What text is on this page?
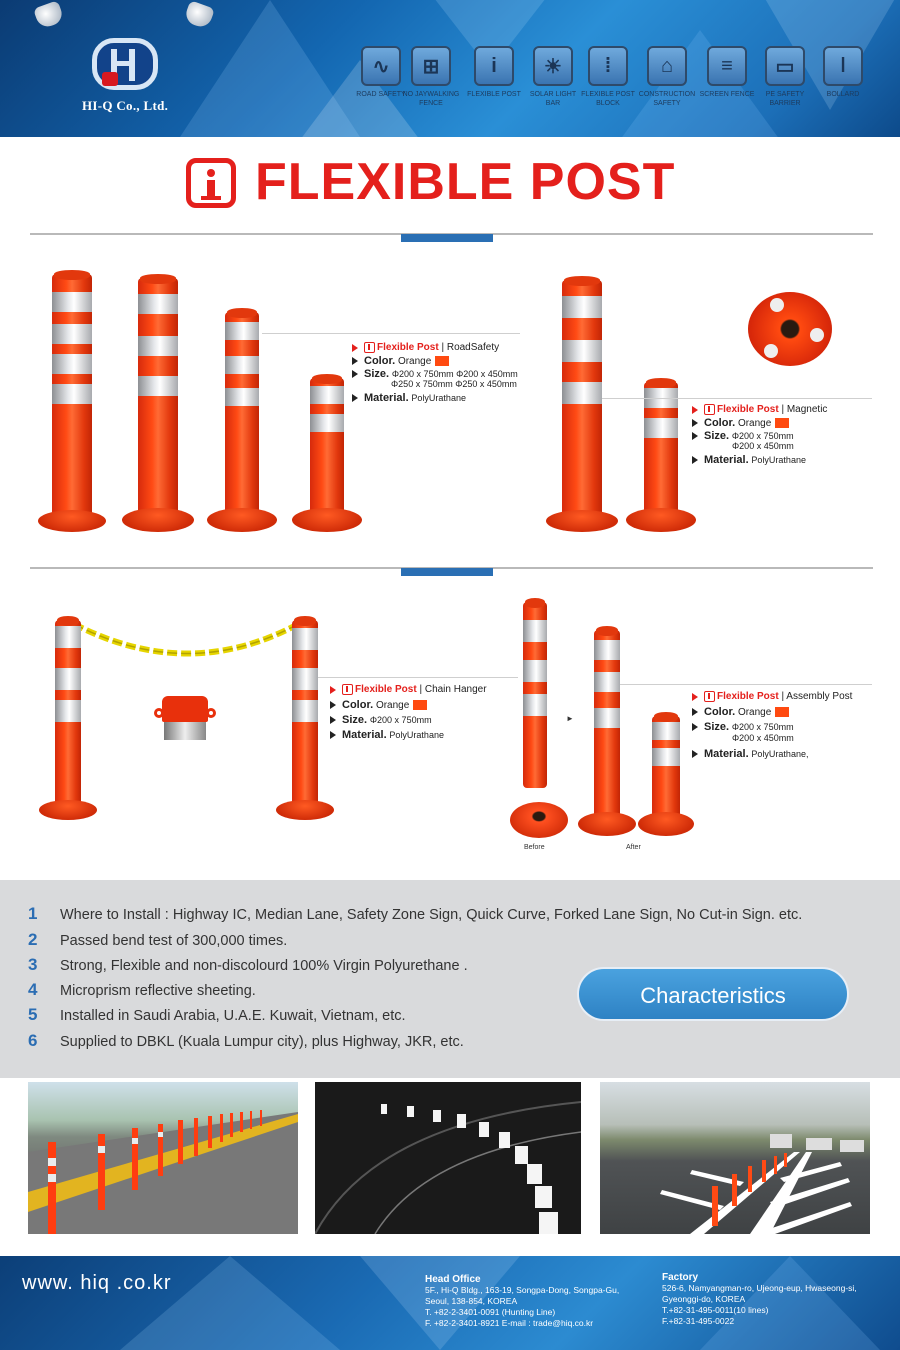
HI-Q Co., Ltd.
∿
ROAD SAFETY
⊞
NO JAYWALKING FENCE
i
FLEXIBLE POST
☀
SOLAR LIGHT BAR
⁞
FLEXIBLE POST BLOCK
⌂
CONSTRUCTION SAFETY
≡
SCREEN FENCE
▭
PE SAFETY BARRIER
ǀ
BOLLARD
FLEXIBLE POST
Flexible Post | RoadSafety
Color. Orange
Size. Φ200 x 750mm Φ200 x 450mm
Φ250 x 750mm Φ250 x 450mm
Material. PolyUrathane
Flexible Post | Magnetic
Color. Orange
Size. Φ200 x 750mm
Φ200 x 450mm
Material. PolyUrathane
Flexible Post | Chain Hanger
Color. Orange
Size. Φ200 x 750mm
Material. PolyUrathane
►
Before	After
Flexible Post | Assembly Post
Color. Orange
Size. Φ200 x 750mm
Φ200 x 450mm
Material. PolyUrathane,
1 Where to Install : Highway IC, Median Lane, Safety Zone Sign, Quick Curve, Forked Lane Sign, No Cut-in Sign. etc.
2 Passed bend test of 300,000 times.
3 Strong, Flexible and non-discolourd 100% Virgin Polyurethane .
4 Microprism reflective sheeting.
5 Installed in Saudi Arabia, U.A.E. Kuwait, Vietnam, etc.
6 Supplied to DBKL (Kuala Lumpur city), plus Highway, JKR, etc.
Characteristics
www. hiq .co.kr	Head Office
5F., Hi-Q Bldg., 163-19, Songpa-Dong, Songpa-Gu,
Seoul, 138-854, KOREA
T. +82-2-3401-0091 (Hunting Line)
F. +82-2-3401-8921 E-mail : trade@hiq.co.kr
Factory
526-6, Namyangman-ro, Ujeong-eup, Hwaseong-si,
Gyeonggi-do, KOREA
T.+82-31-495-0011(10 lines)
F.+82-31-495-0022
